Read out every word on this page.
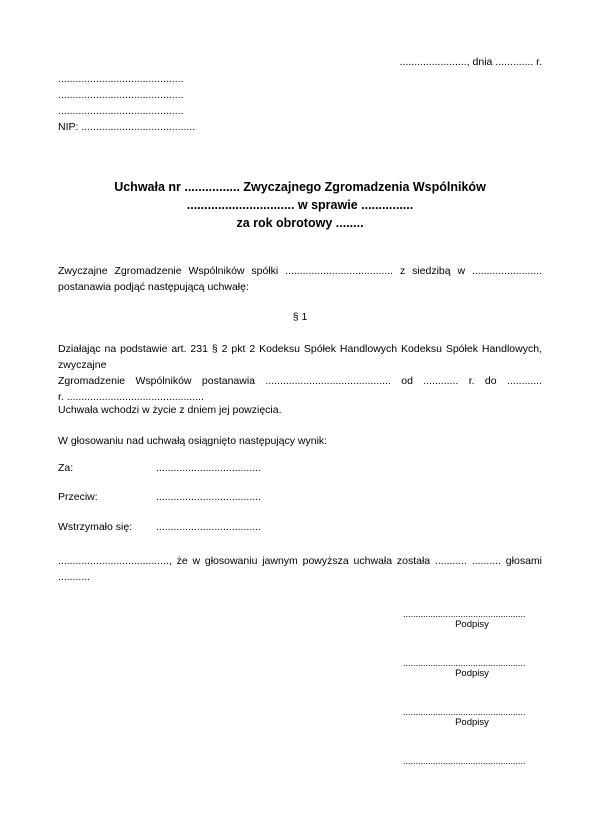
......................., dnia ............. r.
...........................................
...........................................
...........................................
NIP: .......................................
Uchwała nr ................ Zwyczajnego Zgromadzenia Wspólników
............................... w sprawie ...............
za rok obrotowy ........
Zwyczajne Zgromadzenie Wspólników spółki ..................................... z siedzibą w ........................
postanawia podjąć następującą uchwałę:
§ 1
Działając na podstawie art. 231 § 2 pkt 2 Kodeksu Spółek Handlowych Kodeksu Spółek Handlowych, zwyczajne
Zgromadzenie Wspólników postanawia ........................................... od ............ r. do ............
r. ...............................................
Uchwała wchodzi w życie z dniem jej powzięcia.
W głosowaniu nad uchwałą osiągnięto następujący wynik:
Za:	....................................
Przeciw:	....................................
Wstrzymało się: ....................................
......................................, że w głosowaniu jawnym powyższa uchwała została ........... .......... głosami ...........
.................................................
Podpisy
.................................................
Podpisy
.................................................
Podpisy
.................................................
